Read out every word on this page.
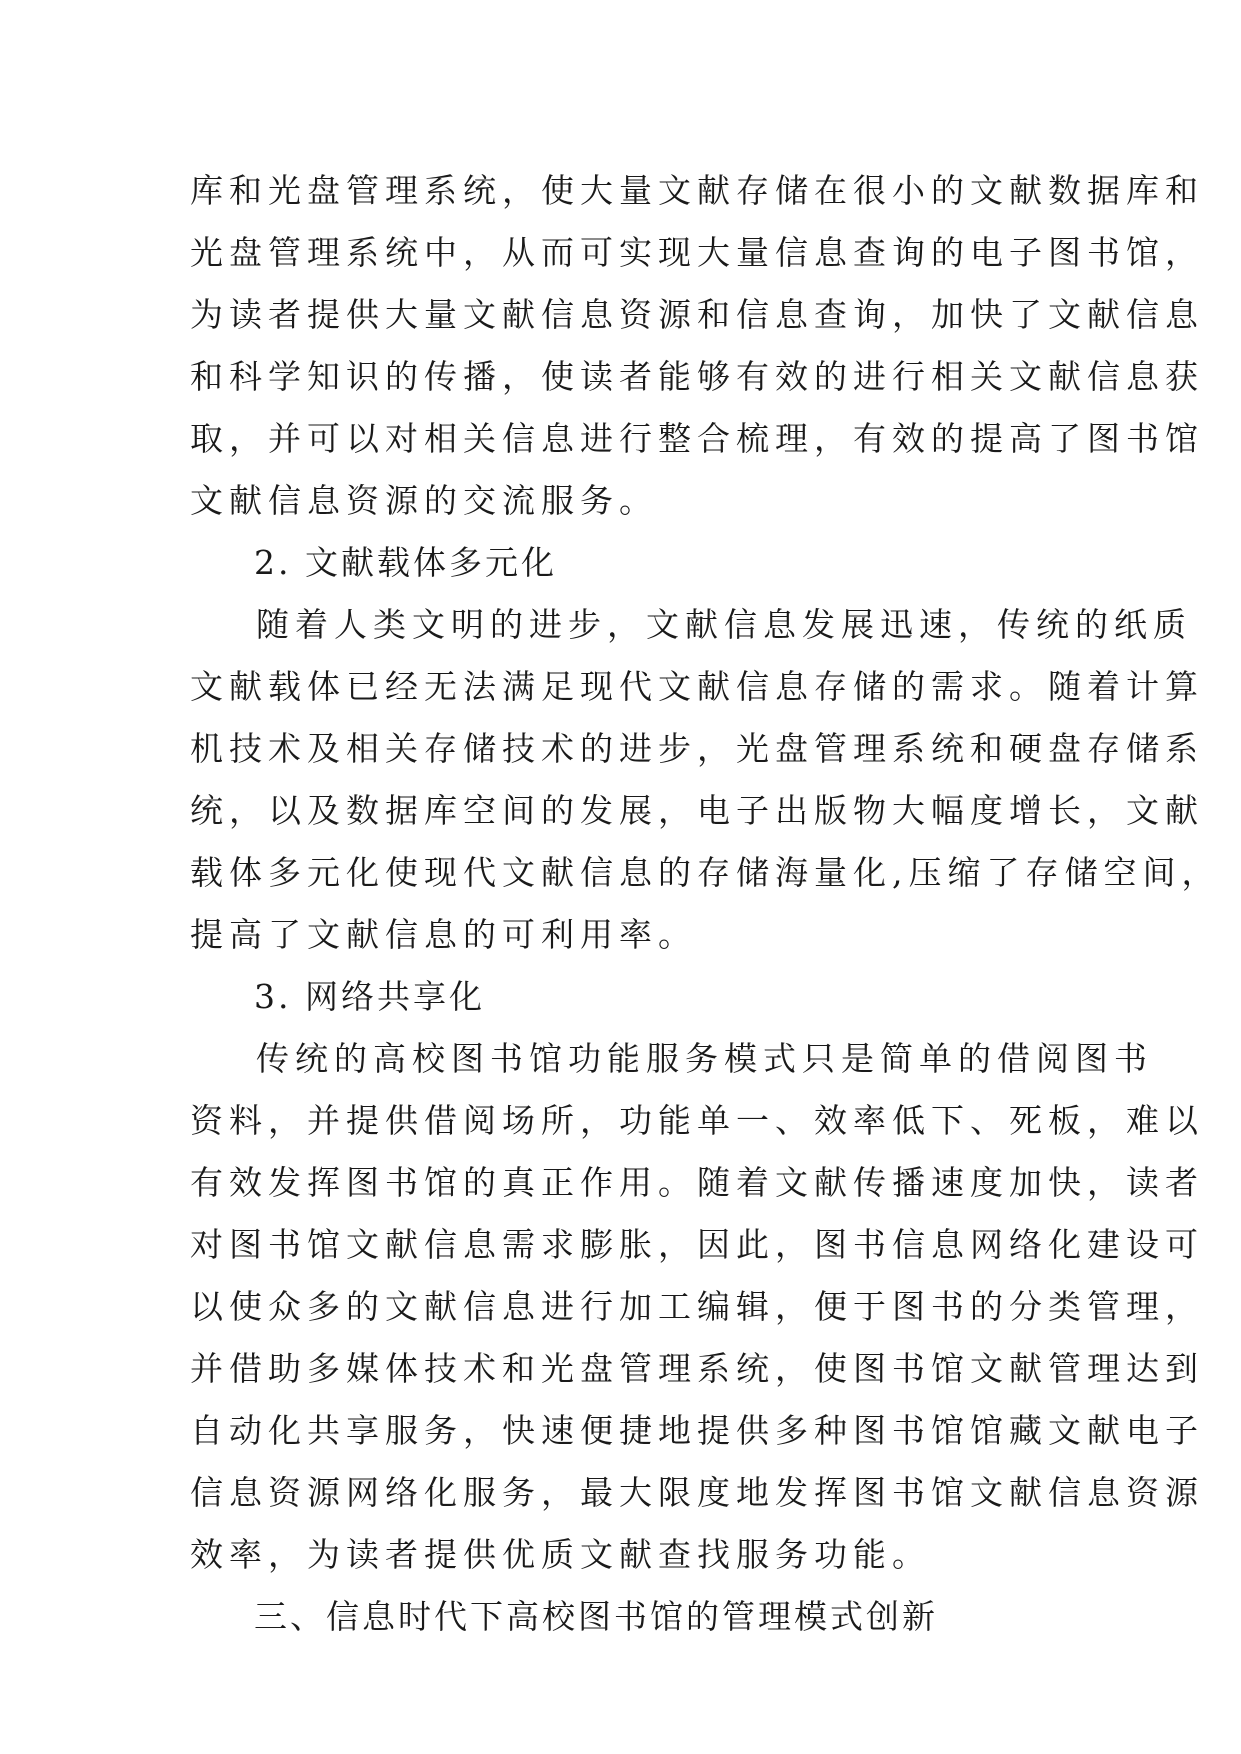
库和光盘管理系统，使大量文献存储在很小的文献数据库和
光盘管理系统中，从而可实现大量信息查询的电子图书馆，
为读者提供大量文献信息资源和信息查询，加快了文献信息
和科学知识的传播，使读者能够有效的进行相关文献信息获
取，并可以对相关信息进行整合梳理，有效的提高了图书馆
文献信息资源的交流服务。
2. 文献载体多元化
随着人类文明的进步，文献信息发展迅速，传统的纸质
文献载体已经无法满足现代文献信息存储的需求。随着计算
机技术及相关存储技术的进步，光盘管理系统和硬盘存储系
统，以及数据库空间的发展，电子出版物大幅度增长，文献
载体多元化使现代文献信息的存储海量化,压缩了存储空间，
提高了文献信息的可利用率。
3. 网络共享化
传统的高校图书馆功能服务模式只是简单的借阅图书
资料，并提供借阅场所，功能单一、效率低下、死板，难以
有效发挥图书馆的真正作用。随着文献传播速度加快，读者
对图书馆文献信息需求膨胀，因此，图书信息网络化建设可
以使众多的文献信息进行加工编辑，便于图书的分类管理，
并借助多媒体技术和光盘管理系统，使图书馆文献管理达到
自动化共享服务，快速便捷地提供多种图书馆馆藏文献电子
信息资源网络化服务，最大限度地发挥图书馆文献信息资源
效率，为读者提供优质文献查找服务功能。
三、信息时代下高校图书馆的管理模式创新
